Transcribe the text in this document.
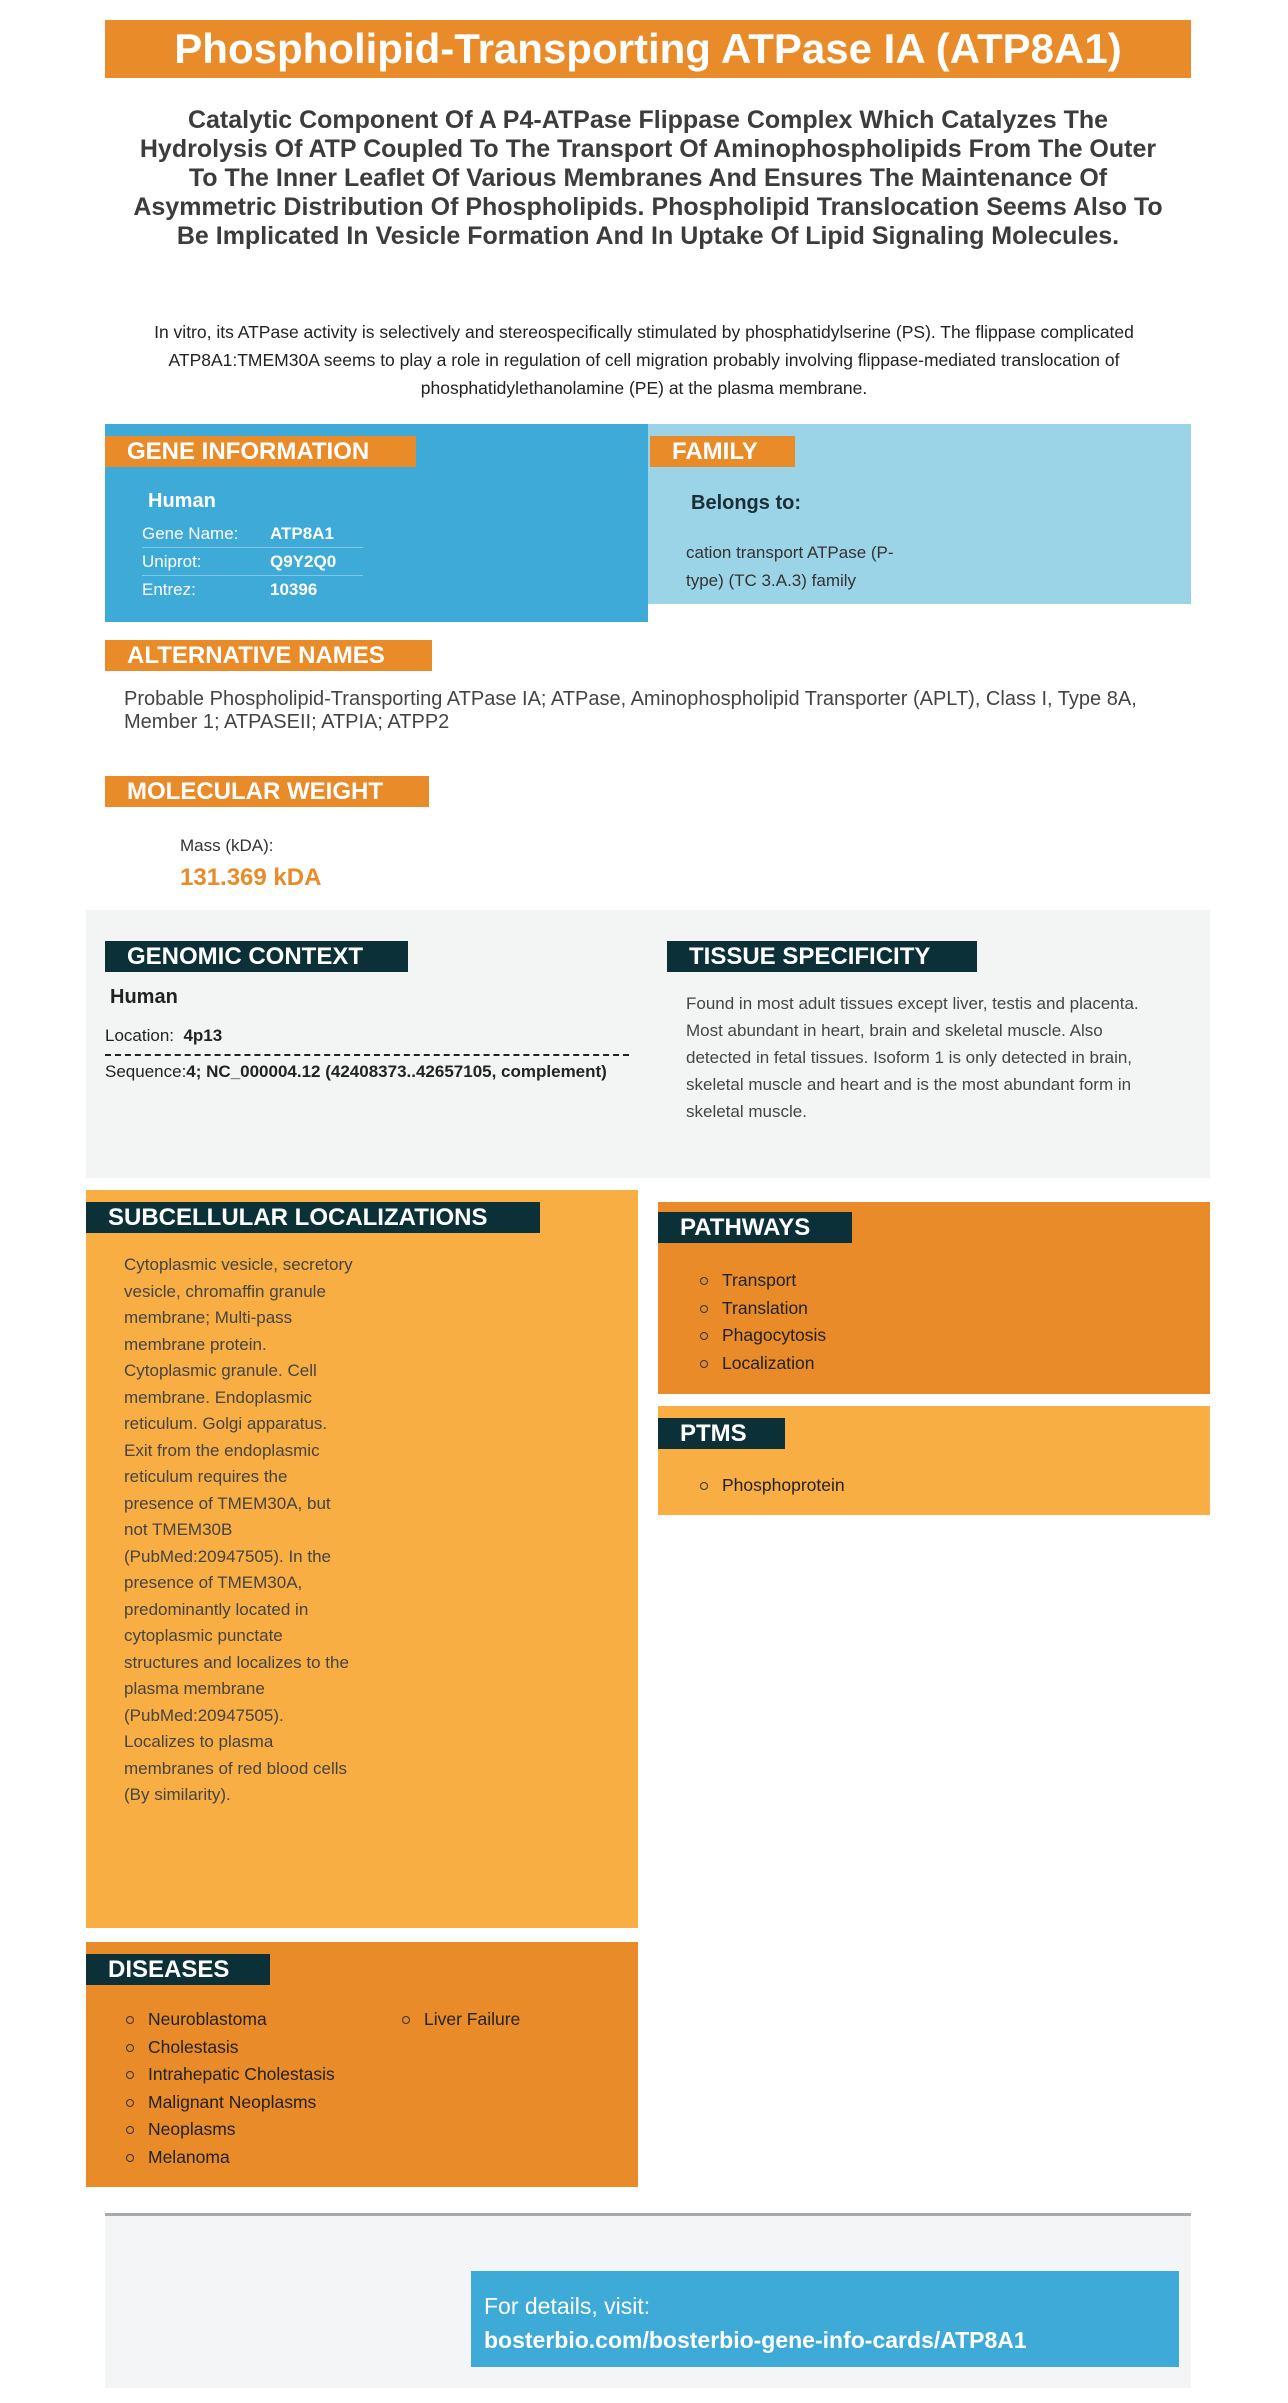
Phospholipid-Transporting ATPase IA (ATP8A1)
Catalytic Component Of A P4-ATPase Flippase Complex Which Catalyzes The Hydrolysis Of ATP Coupled To The Transport Of Aminophospholipids From The Outer To The Inner Leaflet Of Various Membranes And Ensures The Maintenance Of Asymmetric Distribution Of Phospholipids. Phospholipid Translocation Seems Also To Be Implicated In Vesicle Formation And In Uptake Of Lipid Signaling Molecules.
In vitro, its ATPase activity is selectively and stereospecifically stimulated by phosphatidylserine (PS). The flippase complicated ATP8A1:TMEM30A seems to play a role in regulation of cell migration probably involving flippase-mediated translocation of phosphatidylethanolamine (PE) at the plasma membrane.
GENE INFORMATION
Human
Gene Name:	ATP8A1
Uniprot:	Q9Y2Q0
Entrez:	10396
FAMILY
Belongs to:
cation transport ATPase (P-type) (TC 3.A.3) family
ALTERNATIVE NAMES
Probable Phospholipid-Transporting ATPase IA; ATPase, Aminophospholipid Transporter (APLT), Class I, Type 8A, Member 1; ATPASEII; ATPIA; ATPP2
MOLECULAR WEIGHT
Mass (kDA):
131.369 kDA
GENOMIC CONTEXT
Human
Location: 4p13
Sequence:4; NC_000004.12 (42408373..42657105, complement)
TISSUE SPECIFICITY
Found in most adult tissues except liver, testis and placenta. Most abundant in heart, brain and skeletal muscle. Also detected in fetal tissues. Isoform 1 is only detected in brain, skeletal muscle and heart and is the most abundant form in skeletal muscle.
SUBCELLULAR LOCALIZATIONS
Cytoplasmic vesicle, secretory vesicle, chromaffin granule membrane; Multi-pass membrane protein. Cytoplasmic granule. Cell membrane. Endoplasmic reticulum. Golgi apparatus. Exit from the endoplasmic reticulum requires the presence of TMEM30A, but not TMEM30B (PubMed:20947505). In the presence of TMEM30A, predominantly located in cytoplasmic punctate structures and localizes to the plasma membrane (PubMed:20947505). Localizes to plasma membranes of red blood cells (By similarity).
PATHWAYS
Transport
Translation
Phagocytosis
Localization
PTMS
Phosphoprotein
DISEASES
Neuroblastoma
Cholestasis
Intrahepatic Cholestasis
Malignant Neoplasms
Neoplasms
Melanoma
Liver Failure
For details, visit:
bosterbio.com/bosterbio-gene-info-cards/ATP8A1
